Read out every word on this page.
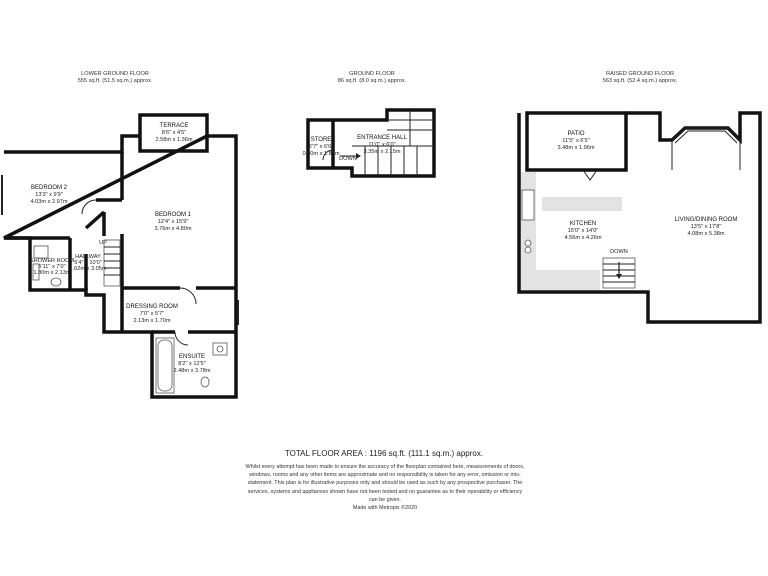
LOWER GROUND FLOOR
555 sq.ft. (51.5 sq.m.) approx.
GROUND FLOOR
86 sq.ft. (8.0 sq.m.) approx.
RAISED GROUND FLOOR
563 sq.ft. (52.4 sq.m.) approx.
TERRACE
8'6" x 4'5"
2.58m x 1.36m
BEDROOM 2
13'3" x 9'9"
4.03m x 2.97m
BEDROOM 1
12'4" x 15'9"
3.76m x 4.80m
SHOWER ROOM
5'11" x 7'0"
1.80m x 2.13m
HALLWAY
5'4" x 10'0"
1.62m x 3.05m
UP
DRESSING ROOM
7'0" x 5'7"
2.13m x 1.70m
ENSUITE
8'2" x 12'5"
2.48m x 3.78m
STORE
2'7" x 6'0"
0.80m x 1.83m
ENTRANCE HALL
11'0" x 6'0"
3.35m x 2.15m
DOWN
PATIO
11'5" x 6'5"
3.48m x 1.96m
KITCHEN
15'0" x 14'0"
4.56m x 4.26m
LIVING/DINING ROOM
13'5" x 17'8"
4.08m x 5.38m
DOWN
TOTAL FLOOR AREA : 1196 sq.ft. (111.1 sq.m.) approx.
Whilst every attempt has been made to ensure the accuracy of the floorplan contained here, measurements of doors, windows, rooms and any other items are approximate and no responsibility is taken for any error, omission or mis-statement. This plan is for illustrative purposes only and should be used as such by any prospective purchaser. The services, systems and appliances shown have not been tested and no guarantee as to their operability or efficiency can be given.
Made with Metropix ©2020
